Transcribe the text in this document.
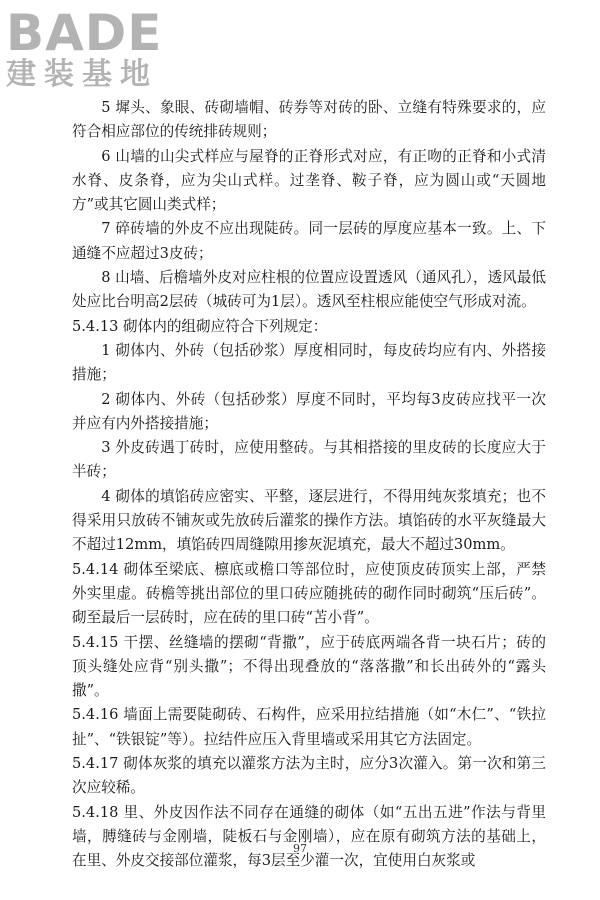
BADE
建装基地

5 墀头、象眼、砖砌墙帽、砖券等对砖的卧、立缝有特殊要求的，应符合相应部位的传统排砖规则；

6 山墙的山尖式样应与屋脊的正脊形式对应，有正吻的正脊和小式清水脊、皮条脊，应为尖山式样。过垄脊、鞍子脊，应为圆山或“天圆地方”或其它圆山类式样；

7 碎砖墙的外皮不应出现陡砖。同一层砖的厚度应基本一致。上、下通缝不应超过3皮砖；

8 山墙、后檐墙外皮对应柱根的位置应设置透风（通风孔），透风最低处应比台明高2层砖（城砖可为1层）。透风至柱根应能使空气形成对流。

5.4.13 砌体内的组砌应符合下列规定：

1 砌体内、外砖（包括砂浆）厚度相同时，每皮砖均应有内、外搭接措施；

2 砌体内、外砖（包括砂浆）厚度不同时，平均每3皮砖应找平一次并应有内外搭接措施；

3 外皮砖遇丁砖时，应使用整砖。与其相搭接的里皮砖的长度应大于半砖；

4 砌体的填馅砖应密实、平整，逐层进行，不得用纯灰浆填充；也不得采用只放砖不铺灰或先放砖后灌浆的操作方法。填馅砖的水平灰缝最大不超过12mm，填馅砖四周缝隙用掺灰泥填充，最大不超过30mm。

5.4.14 砌体至梁底、檩底或檐口等部位时，应使顶皮砖顶实上部，严禁外实里虚。砖檐等挑出部位的里口砖应随挑砖的砌作同时砌筑“压后砖”。砌至最后一层砖时，应在砖的里口砖“苫小背”。

5.4.15 干摆、丝缝墙的摆砌“背撒”，应于砖底两端各背一块石片；砖的顶头缝处应背“别头撒”；不得出现叠放的“落落撒”和长出砖外的“露头撒”。

5.4.16 墙面上需要陡砌砖、石构件，应采用拉结措施（如“木仁”、“铁拉扯”、“铁银锭”等）。拉结件应压入背里墙或采用其它方法固定。

5.4.17 砌体灰浆的填充以灌浆方法为主时，应分3次灌入。第一次和第三次应较稀。

5.4.18 里、外皮因作法不同存在通缝的砌体（如“五出五进”作法与背里墙，膊缝砖与金刚墙，陡板石与金刚墙），应在原有砌筑方法的基础上，在里、外皮交接部位灌浆，每3层至少灌一次，宜使用白灰浆或

97
